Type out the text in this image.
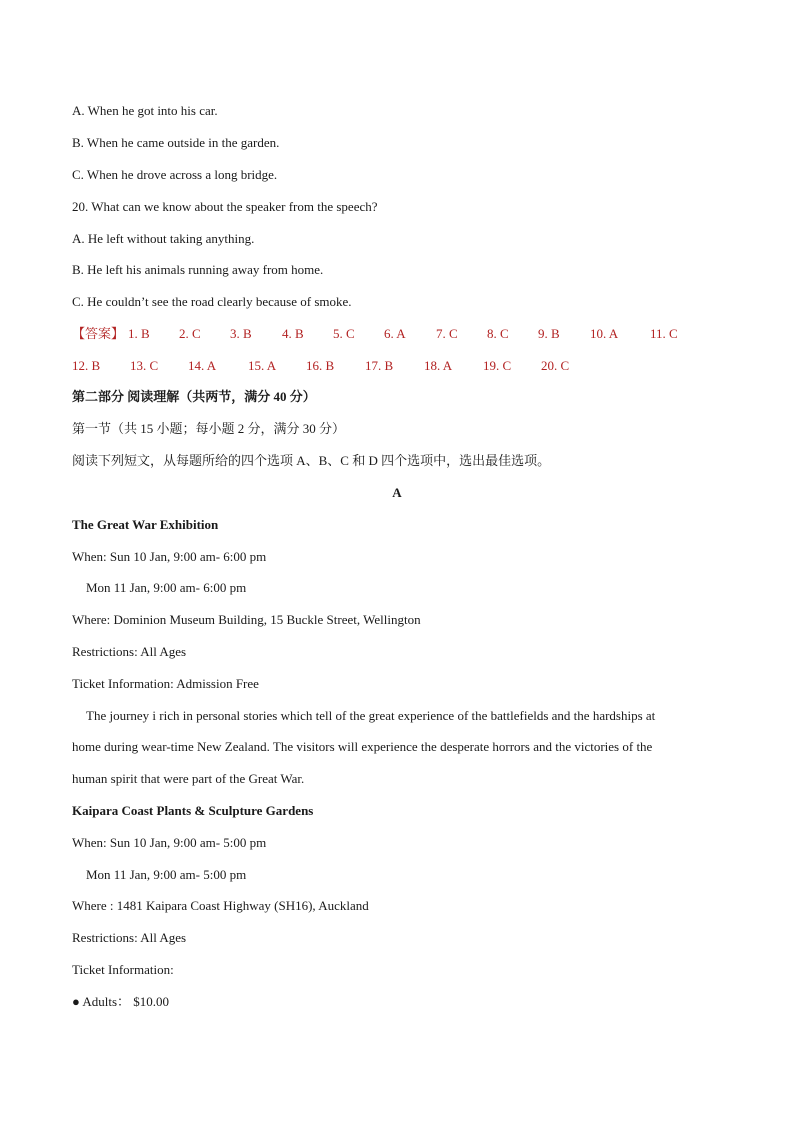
A. When he got into his car.
B. When he came outside in the garden.
C. When he drove across a long bridge.
20. What can we know about the speaker from the speech?
A. He left without taking anything.
B. He left his animals running away from home.
C. He couldn’t see the road clearly because of smoke.
【答案】 1. B 2. C 3. B 4. B 5. C 6. A 7. C 8. C 9. B 10. A 11. C
12. B 13. C 14. A 15. A 16. B 17. B 18. A 19. C 20. C
第二部分 阅读理解（共两节，满分 40 分）
第一节（共 15 小题；每小题 2 分，满分 30 分）
阅读下列短文，从每题所给的四个选项 A、B、C 和 D 四个选项中，选出最佳选项。
A
The Great War Exhibition
When: Sun 10 Jan, 9:00 am- 6:00 pm
Mon 11 Jan, 9:00 am- 6:00 pm
Where: Dominion Museum Building, 15 Buckle Street, Wellington
Restrictions: All Ages
Ticket Information: Admission Free
The journey i rich in personal stories which tell of the great experience of the battlefields and the hardships at
home during wear-time New Zealand. The visitors will experience the desperate horrors and the victories of the
human spirit that were part of the Great War.
Kaipara Coast Plants & Sculpture Gardens
When: Sun 10 Jan, 9:00 am- 5:00 pm
Mon 11 Jan, 9:00 am- 5:00 pm
Where : 1481 Kaipara Coast Highway (SH16), Auckland
Restrictions: All Ages
Ticket Information:
● Adults： $10.00
